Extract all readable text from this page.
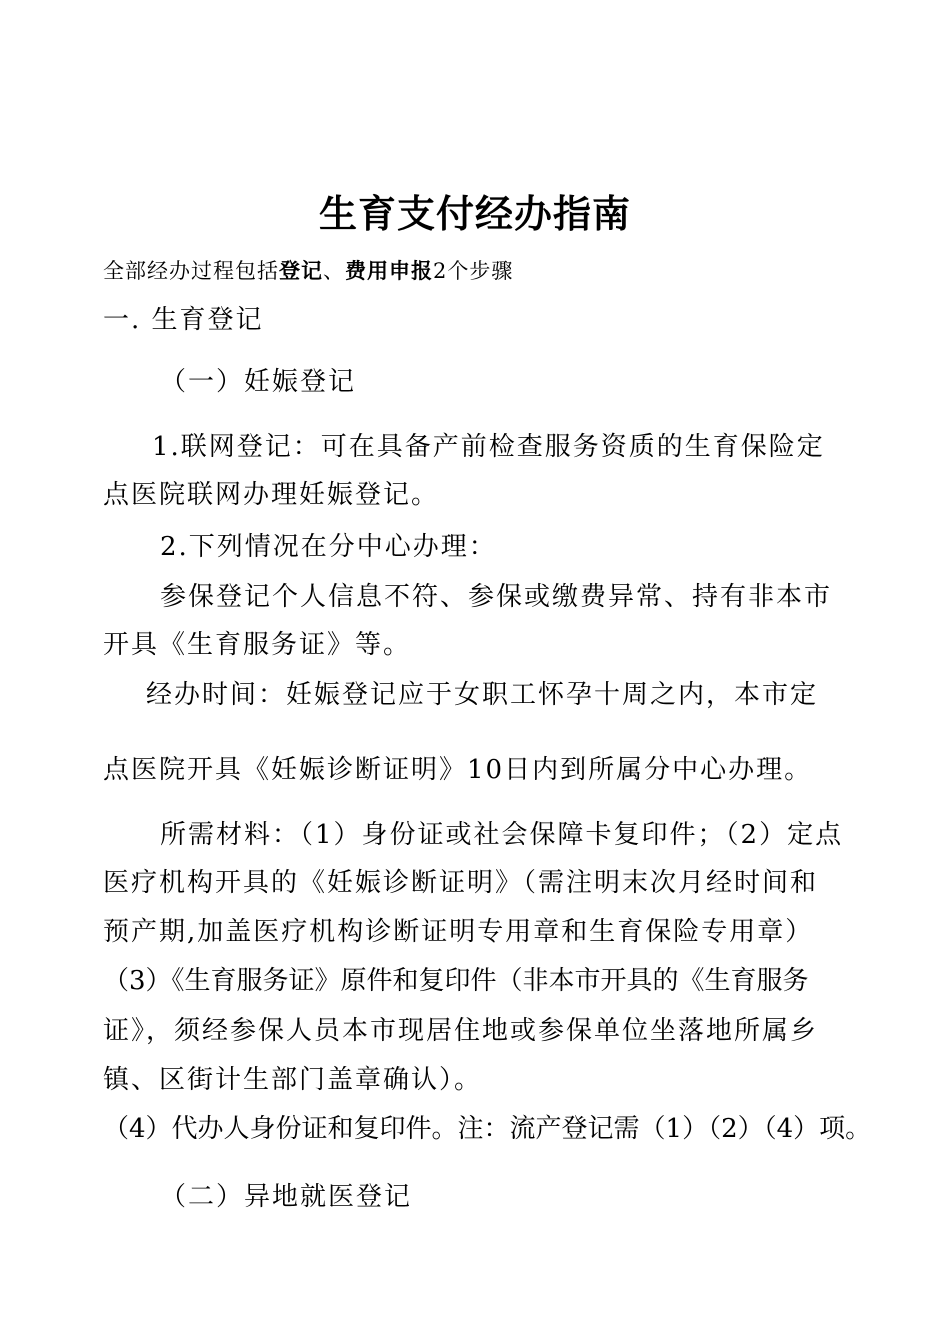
生育支付经办指南
全部经办过程包括登记、费用申报2个步骤
一. 生育登记
（一）妊娠登记
1.联网登记：可在具备产前检查服务资质的生育保险定
点医院联网办理妊娠登记。
2.下列情况在分中心办理：
参保登记个人信息不符、参保或缴费异常、持有非本市
开具《生育服务证》等。
经办时间：妊娠登记应于女职工怀孕十周之内，本市定
点医院开具《妊娠诊断证明》10日内到所属分中心办理。
所需材料：（1）身份证或社会保障卡复印件；（2）定点
医疗机构开具的《妊娠诊断证明》（需注明末次月经时间和
预产期,加盖医疗机构诊断证明专用章和生育保险专用章）
（3）《生育服务证》原件和复印件（非本市开具的《生育服务
证》，须经参保人员本市现居住地或参保单位坐落地所属乡
镇、区街计生部门盖章确认）。
（4）代办人身份证和复印件。注：流产登记需（1）（2）（4）项。
（二）异地就医登记
